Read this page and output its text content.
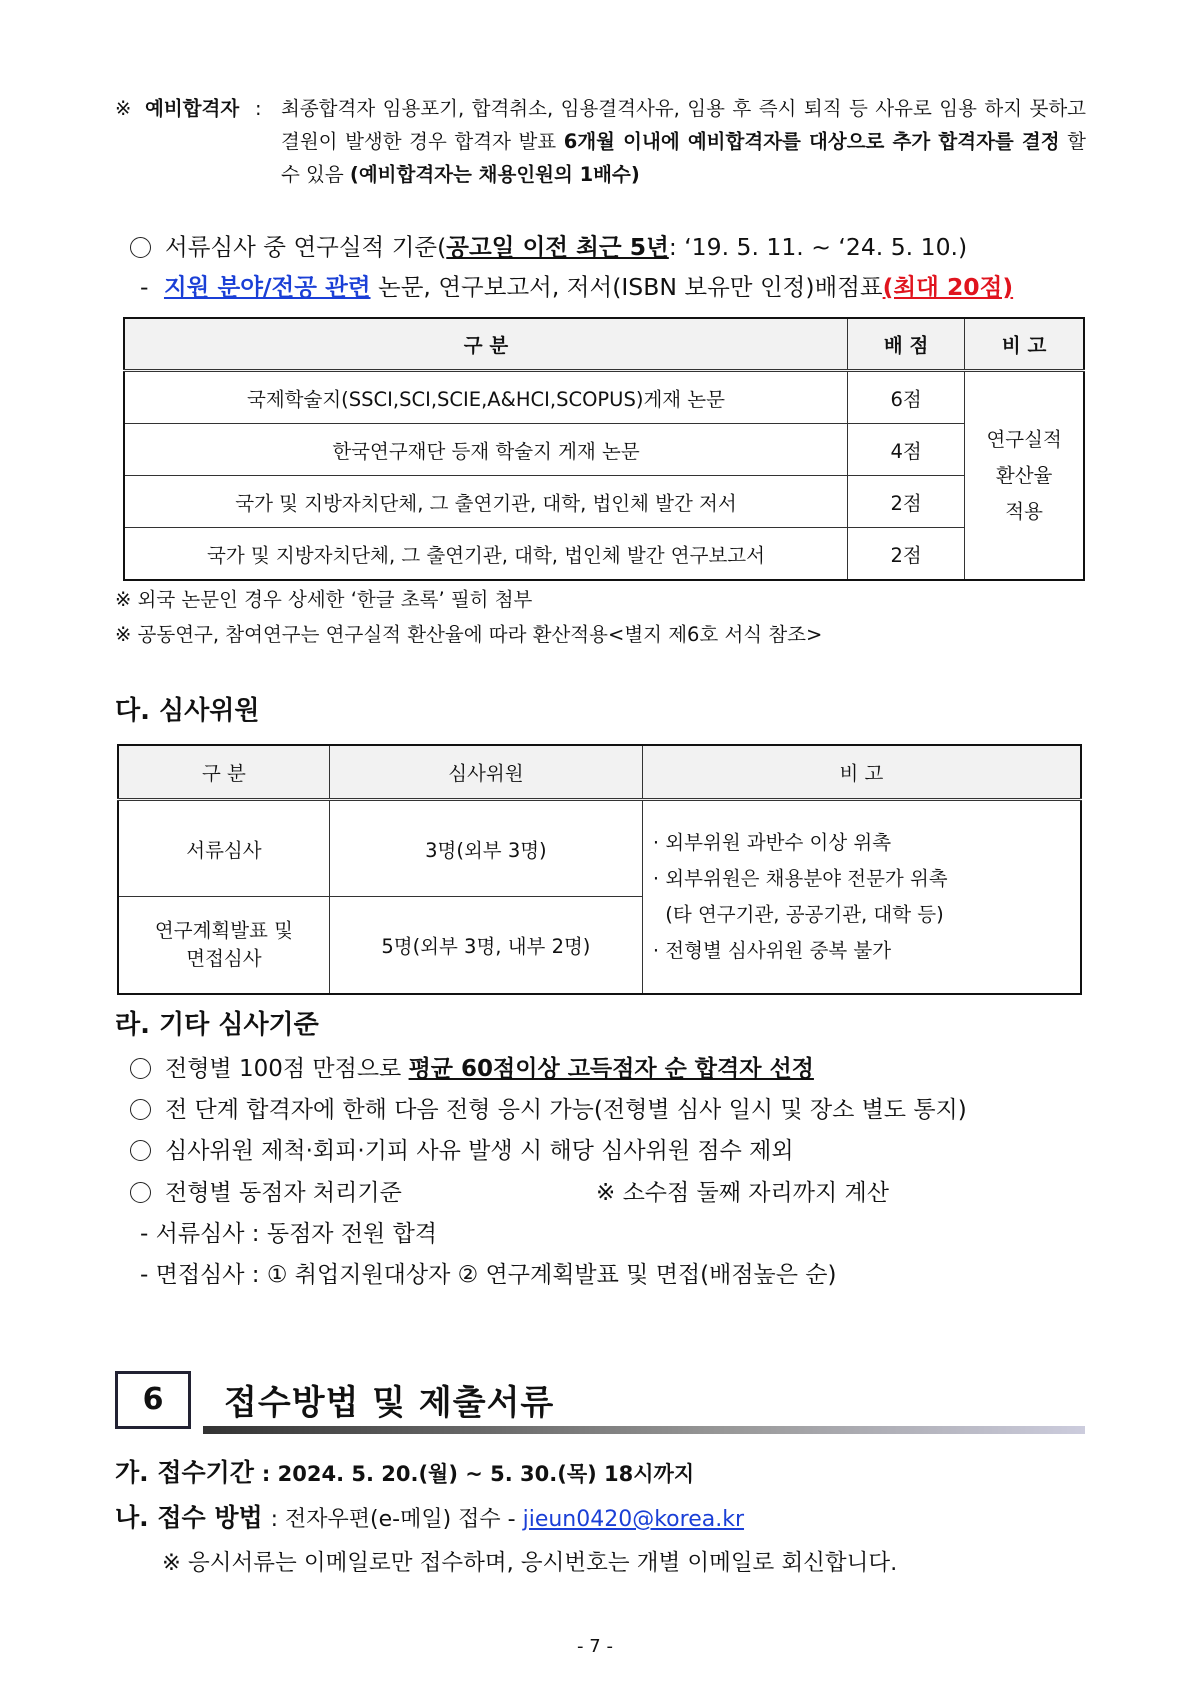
※ 예비합격자 : 최종합격자 임용포기, 합격취소, 임용결격사유, 임용 후 즉시 퇴직 등 사유로 임용 하지 못하고 결원이 발생한 경우 합격자 발표 6개월 이내에 예비합격자를 대상으로 추가 합격자를 결정 할 수 있음 (예비합격자는 채용인원의 1배수)
서류심사 중 연구실적 기준(공고일 이전 최근 5년: ‘19. 5. 11. ~ ‘24. 5. 10.)
- 지원 분야/전공 관련 논문, 연구보고서, 저서(ISBN 보유만 인정)배점표(최대 20점)
구 분	배 점	비 고
국제학술지(SSCI,SCI,SCIE,A&HCI,SCOPUS)게재 논문	6점	연구실적
환산율
적용

한국연구재단 등재 학술지 게재 논문	4점	
국가 및 지방자치단체, 그 출연기관, 대학, 법인체 발간 저서	2점	
국가 및 지방자치단체, 그 출연기관, 대학, 법인체 발간 연구보고서	2점	
※ 외국 논문인 경우 상세한 ‘한글 초록’ 필히 첨부
※ 공동연구, 참여연구는 연구실적 환산율에 따라 환산적용<별지 제6호 서식 참조>
다. 심사위원
구 분	심사위원	비 고
서류심사	3명(외부 3명)	· 외부위원 과반수 이상 위촉
· 외부위원은 채용분야 전문가 위촉
(타 연구기관, 공공기관, 대학 등)
· 전형별 심사위원 중복 불가

연구계획발표 및
면접심사	5명(외부 3명, 내부 2명)	
라. 기타 심사기준
전형별 100점 만점으로 평균 60점이상 고득점자 순 합격자 선정
전 단계 합격자에 한해 다음 전형 응시 가능(전형별 심사 일시 및 장소 별도 통지)
심사위원 제척·회피·기피 사유 발생 시 해당 심사위원 점수 제외
전형별 동점자 처리기준	※ 소수점 둘째 자리까지 계산
- 서류심사 : 동점자 전원 합격
- 면접심사 : ① 취업지원대상자 ② 연구계획발표 및 면접(배점높은 순)
6	접수방법 및 제출서류
가. 접수기간 : 2024. 5. 20.(월) ~ 5. 30.(목) 18시까지
나. 접수 방법 : 전자우편(e-메일) 접수 - jieun0420@korea.kr
※ 응시서류는 이메일로만 접수하며, 응시번호는 개별 이메일로 회신합니다.
- 7 -
